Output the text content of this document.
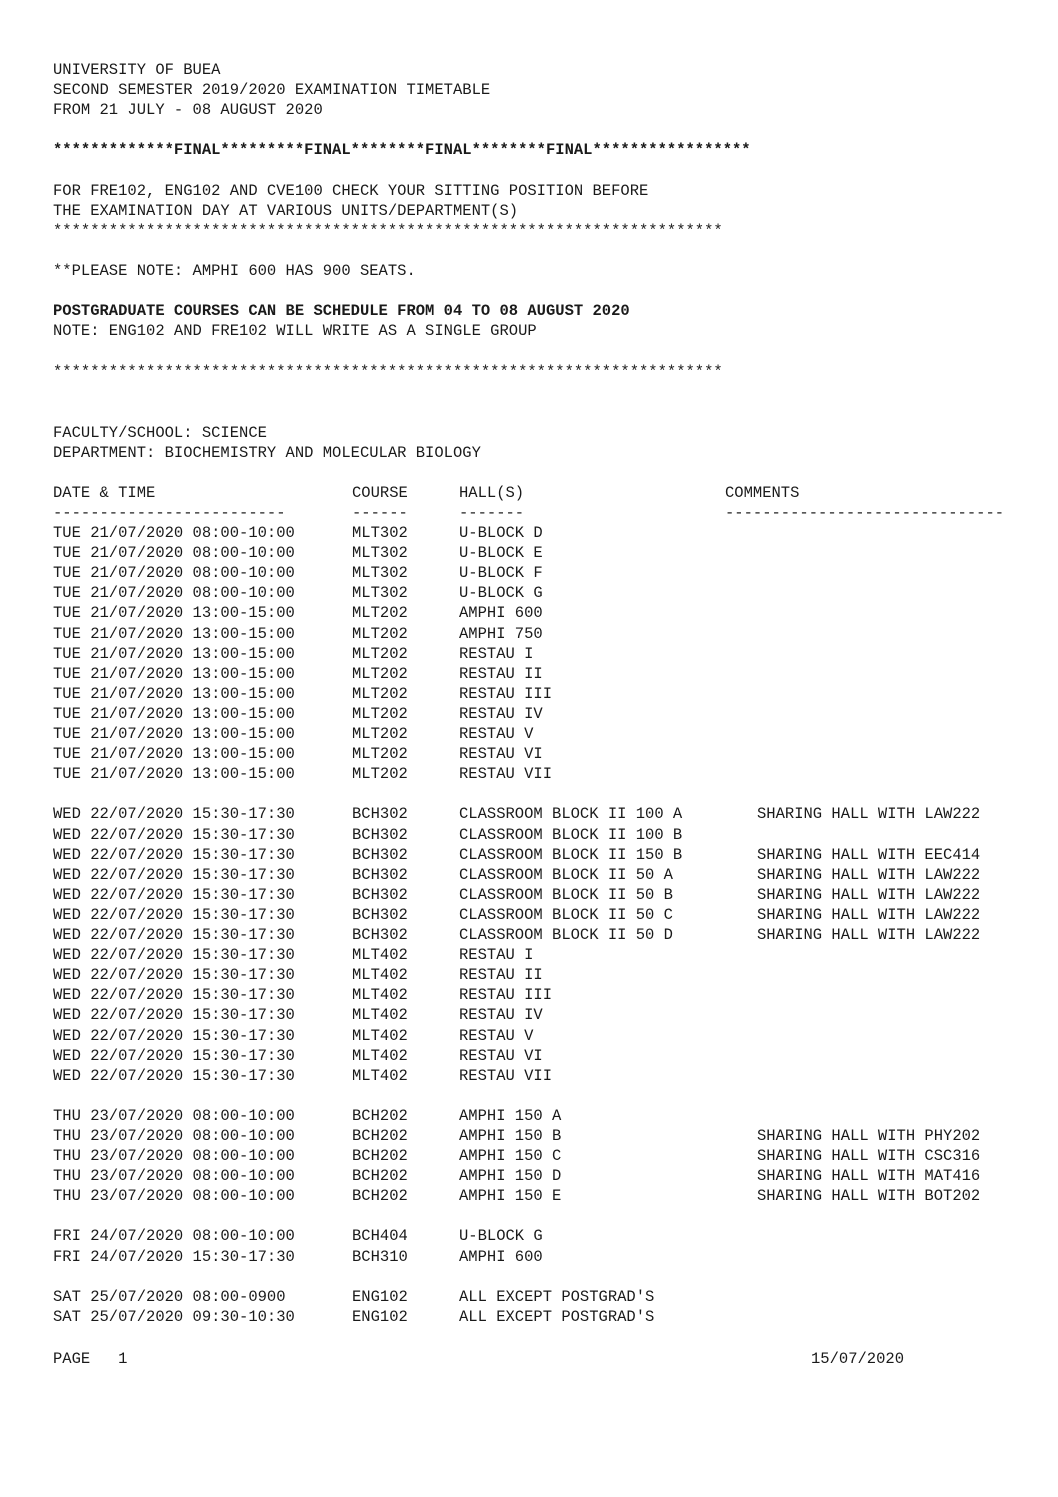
UNIVERSITY OF BUEA
SECOND SEMESTER 2019/2020 EXAMINATION TIMETABLE
FROM 21 JULY - 08 AUGUST 2020
*************FINAL*********FINAL********FINAL********FINAL*****************
FOR FRE102, ENG102 AND CVE100 CHECK YOUR SITTING POSITION BEFORE
THE EXAMINATION DAY AT VARIOUS UNITS/DEPARTMENT(S)
************************************************************************
**PLEASE NOTE: AMPHI 600 HAS 900 SEATS.
POSTGRADUATE COURSES CAN BE SCHEDULE FROM 04 TO 08 AUGUST 2020
NOTE: ENG102 AND FRE102 WILL WRITE AS A SINGLE GROUP
************************************************************************
FACULTY/SCHOOL: SCIENCE
DEPARTMENT: BIOCHEMISTRY AND MOLECULAR BIOLOGY
DATE & TIME	COURSE	HALL(S)	COMMENTS
-------------------------	------	-------	------------------------------
TUE 21/07/2020 08:00-10:00	MLT302	U-BLOCK D
TUE 21/07/2020 08:00-10:00	MLT302	U-BLOCK E
TUE 21/07/2020 08:00-10:00	MLT302	U-BLOCK F
TUE 21/07/2020 08:00-10:00	MLT302	U-BLOCK G
TUE 21/07/2020 13:00-15:00	MLT202	AMPHI 600
TUE 21/07/2020 13:00-15:00	MLT202	AMPHI 750
TUE 21/07/2020 13:00-15:00	MLT202	RESTAU I
TUE 21/07/2020 13:00-15:00	MLT202	RESTAU II
TUE 21/07/2020 13:00-15:00	MLT202	RESTAU III
TUE 21/07/2020 13:00-15:00	MLT202	RESTAU IV
TUE 21/07/2020 13:00-15:00	MLT202	RESTAU V
TUE 21/07/2020 13:00-15:00	MLT202	RESTAU VI
TUE 21/07/2020 13:00-15:00	MLT202	RESTAU VII
WED 22/07/2020 15:30-17:30	BCH302	CLASSROOM BLOCK II 100 A	SHARING HALL WITH LAW222
WED 22/07/2020 15:30-17:30	BCH302	CLASSROOM BLOCK II 100 B
WED 22/07/2020 15:30-17:30	BCH302	CLASSROOM BLOCK II 150 B	SHARING HALL WITH EEC414
WED 22/07/2020 15:30-17:30	BCH302	CLASSROOM BLOCK II 50 A	SHARING HALL WITH LAW222
WED 22/07/2020 15:30-17:30	BCH302	CLASSROOM BLOCK II 50 B	SHARING HALL WITH LAW222
WED 22/07/2020 15:30-17:30	BCH302	CLASSROOM BLOCK II 50 C	SHARING HALL WITH LAW222
WED 22/07/2020 15:30-17:30	BCH302	CLASSROOM BLOCK II 50 D	SHARING HALL WITH LAW222
WED 22/07/2020 15:30-17:30	MLT402	RESTAU I
WED 22/07/2020 15:30-17:30	MLT402	RESTAU II
WED 22/07/2020 15:30-17:30	MLT402	RESTAU III
WED 22/07/2020 15:30-17:30	MLT402	RESTAU IV
WED 22/07/2020 15:30-17:30	MLT402	RESTAU V
WED 22/07/2020 15:30-17:30	MLT402	RESTAU VI
WED 22/07/2020 15:30-17:30	MLT402	RESTAU VII
THU 23/07/2020 08:00-10:00	BCH202	AMPHI 150 A
THU 23/07/2020 08:00-10:00	BCH202	AMPHI 150 B	SHARING HALL WITH PHY202
THU 23/07/2020 08:00-10:00	BCH202	AMPHI 150 C	SHARING HALL WITH CSC316
THU 23/07/2020 08:00-10:00	BCH202	AMPHI 150 D	SHARING HALL WITH MAT416
THU 23/07/2020 08:00-10:00	BCH202	AMPHI 150 E	SHARING HALL WITH BOT202
FRI 24/07/2020 08:00-10:00	BCH404	U-BLOCK G
FRI 24/07/2020 15:30-17:30	BCH310	AMPHI 600
SAT 25/07/2020 08:00-0900	ENG102	ALL EXCEPT POSTGRAD'S
SAT 25/07/2020 09:30-10:30	ENG102	ALL EXCEPT POSTGRAD'S
PAGE   1	15/07/2020
